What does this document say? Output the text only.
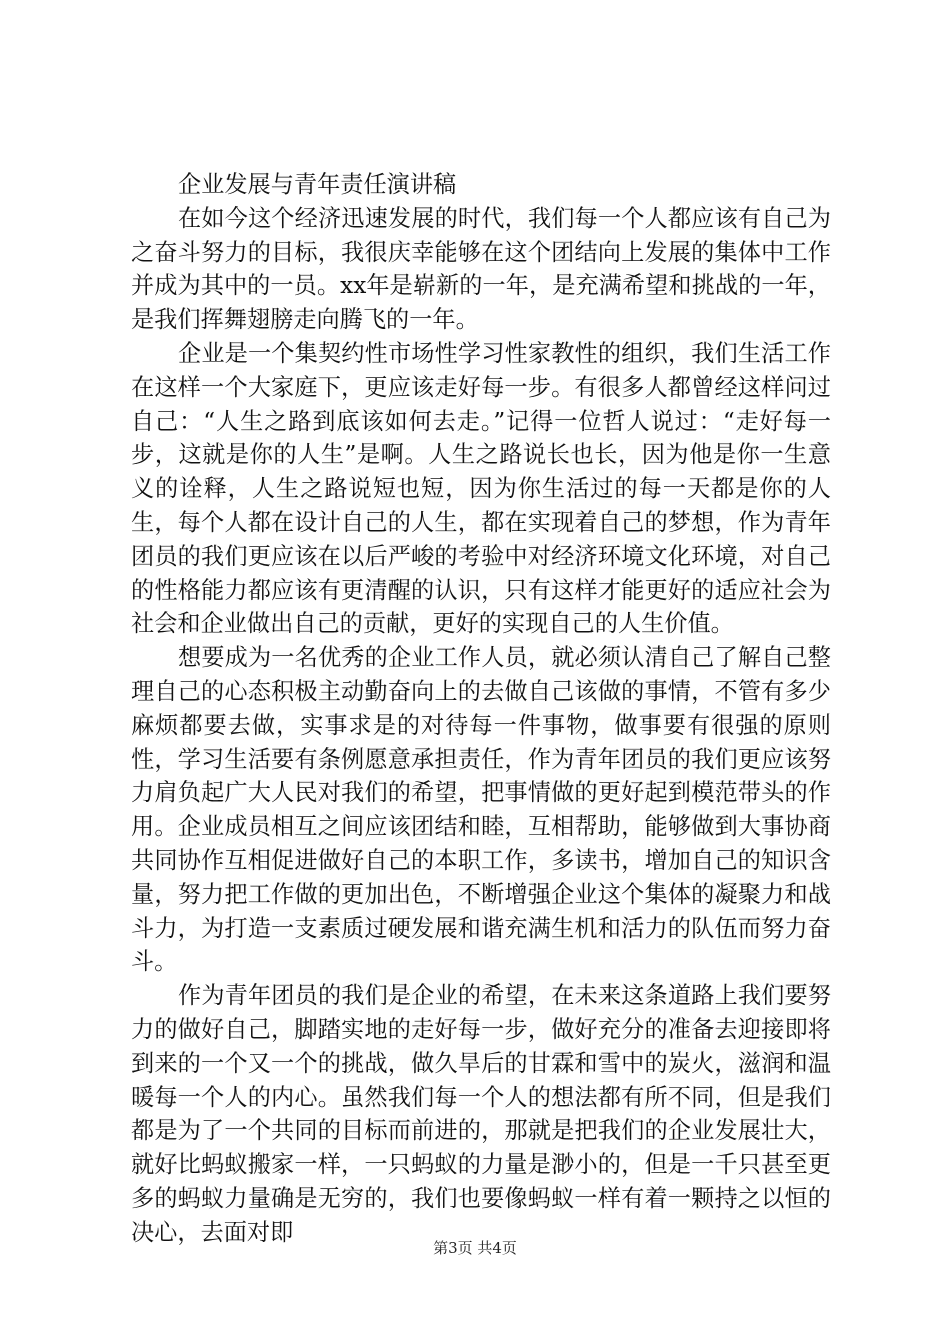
企业发展与青年责任演讲稿

在如今这个经济迅速发展的时代，我们每一个人都应该有自己为之奋斗努力的目标，我很庆幸能够在这个团结向上发展的集体中工作并成为其中的一员。xx年是崭新的一年，是充满希望和挑战的一年，是我们挥舞翅膀走向腾飞的一年。

企业是一个集契约性市场性学习性家教性的组织，我们生活工作在这样一个大家庭下，更应该走好每一步。有很多人都曾经这样问过自己：“人生之路到底该如何去走。”记得一位哲人说过：“走好每一步，这就是你的人生”是啊。人生之路说长也长，因为他是你一生意义的诠释，人生之路说短也短，因为你生活过的每一天都是你的人生，每个人都在设计自己的人生，都在实现着自己的梦想，作为青年团员的我们更应该在以后严峻的考验中对经济环境文化环境，对自己的性格能力都应该有更清醒的认识，只有这样才能更好的适应社会为社会和企业做出自己的贡献，更好的实现自己的人生价值。

想要成为一名优秀的企业工作人员，就必须认清自己了解自己整理自己的心态积极主动勤奋向上的去做自己该做的事情，不管有多少麻烦都要去做，实事求是的对待每一件事物，做事要有很强的原则性，学习生活要有条例愿意承担责任，作为青年团员的我们更应该努力肩负起广大人民对我们的希望，把事情做的更好起到模范带头的作用。企业成员相互之间应该团结和睦，互相帮助，能够做到大事协商共同协作互相促进做好自己的本职工作，多读书，增加自己的知识含量，努力把工作做的更加出色，不断增强企业这个集体的凝聚力和战斗力，为打造一支素质过硬发展和谐充满生机和活力的队伍而努力奋斗。

作为青年团员的我们是企业的希望，在未来这条道路上我们要努力的做好自己，脚踏实地的走好每一步，做好充分的准备去迎接即将到来的一个又一个的挑战，做久旱后的甘霖和雪中的炭火，滋润和温暖每一个人的内心。虽然我们每一个人的想法都有所不同，但是我们都是为了一个共同的目标而前进的，那就是把我们的企业发展壮大，就好比蚂蚁搬家一样，一只蚂蚁的力量是渺小的，但是一千只甚至更多的蚂蚁力量确是无穷的，我们也要像蚂蚁一样有着一颗持之以恒的决心，去面对即

第3页 共4页
